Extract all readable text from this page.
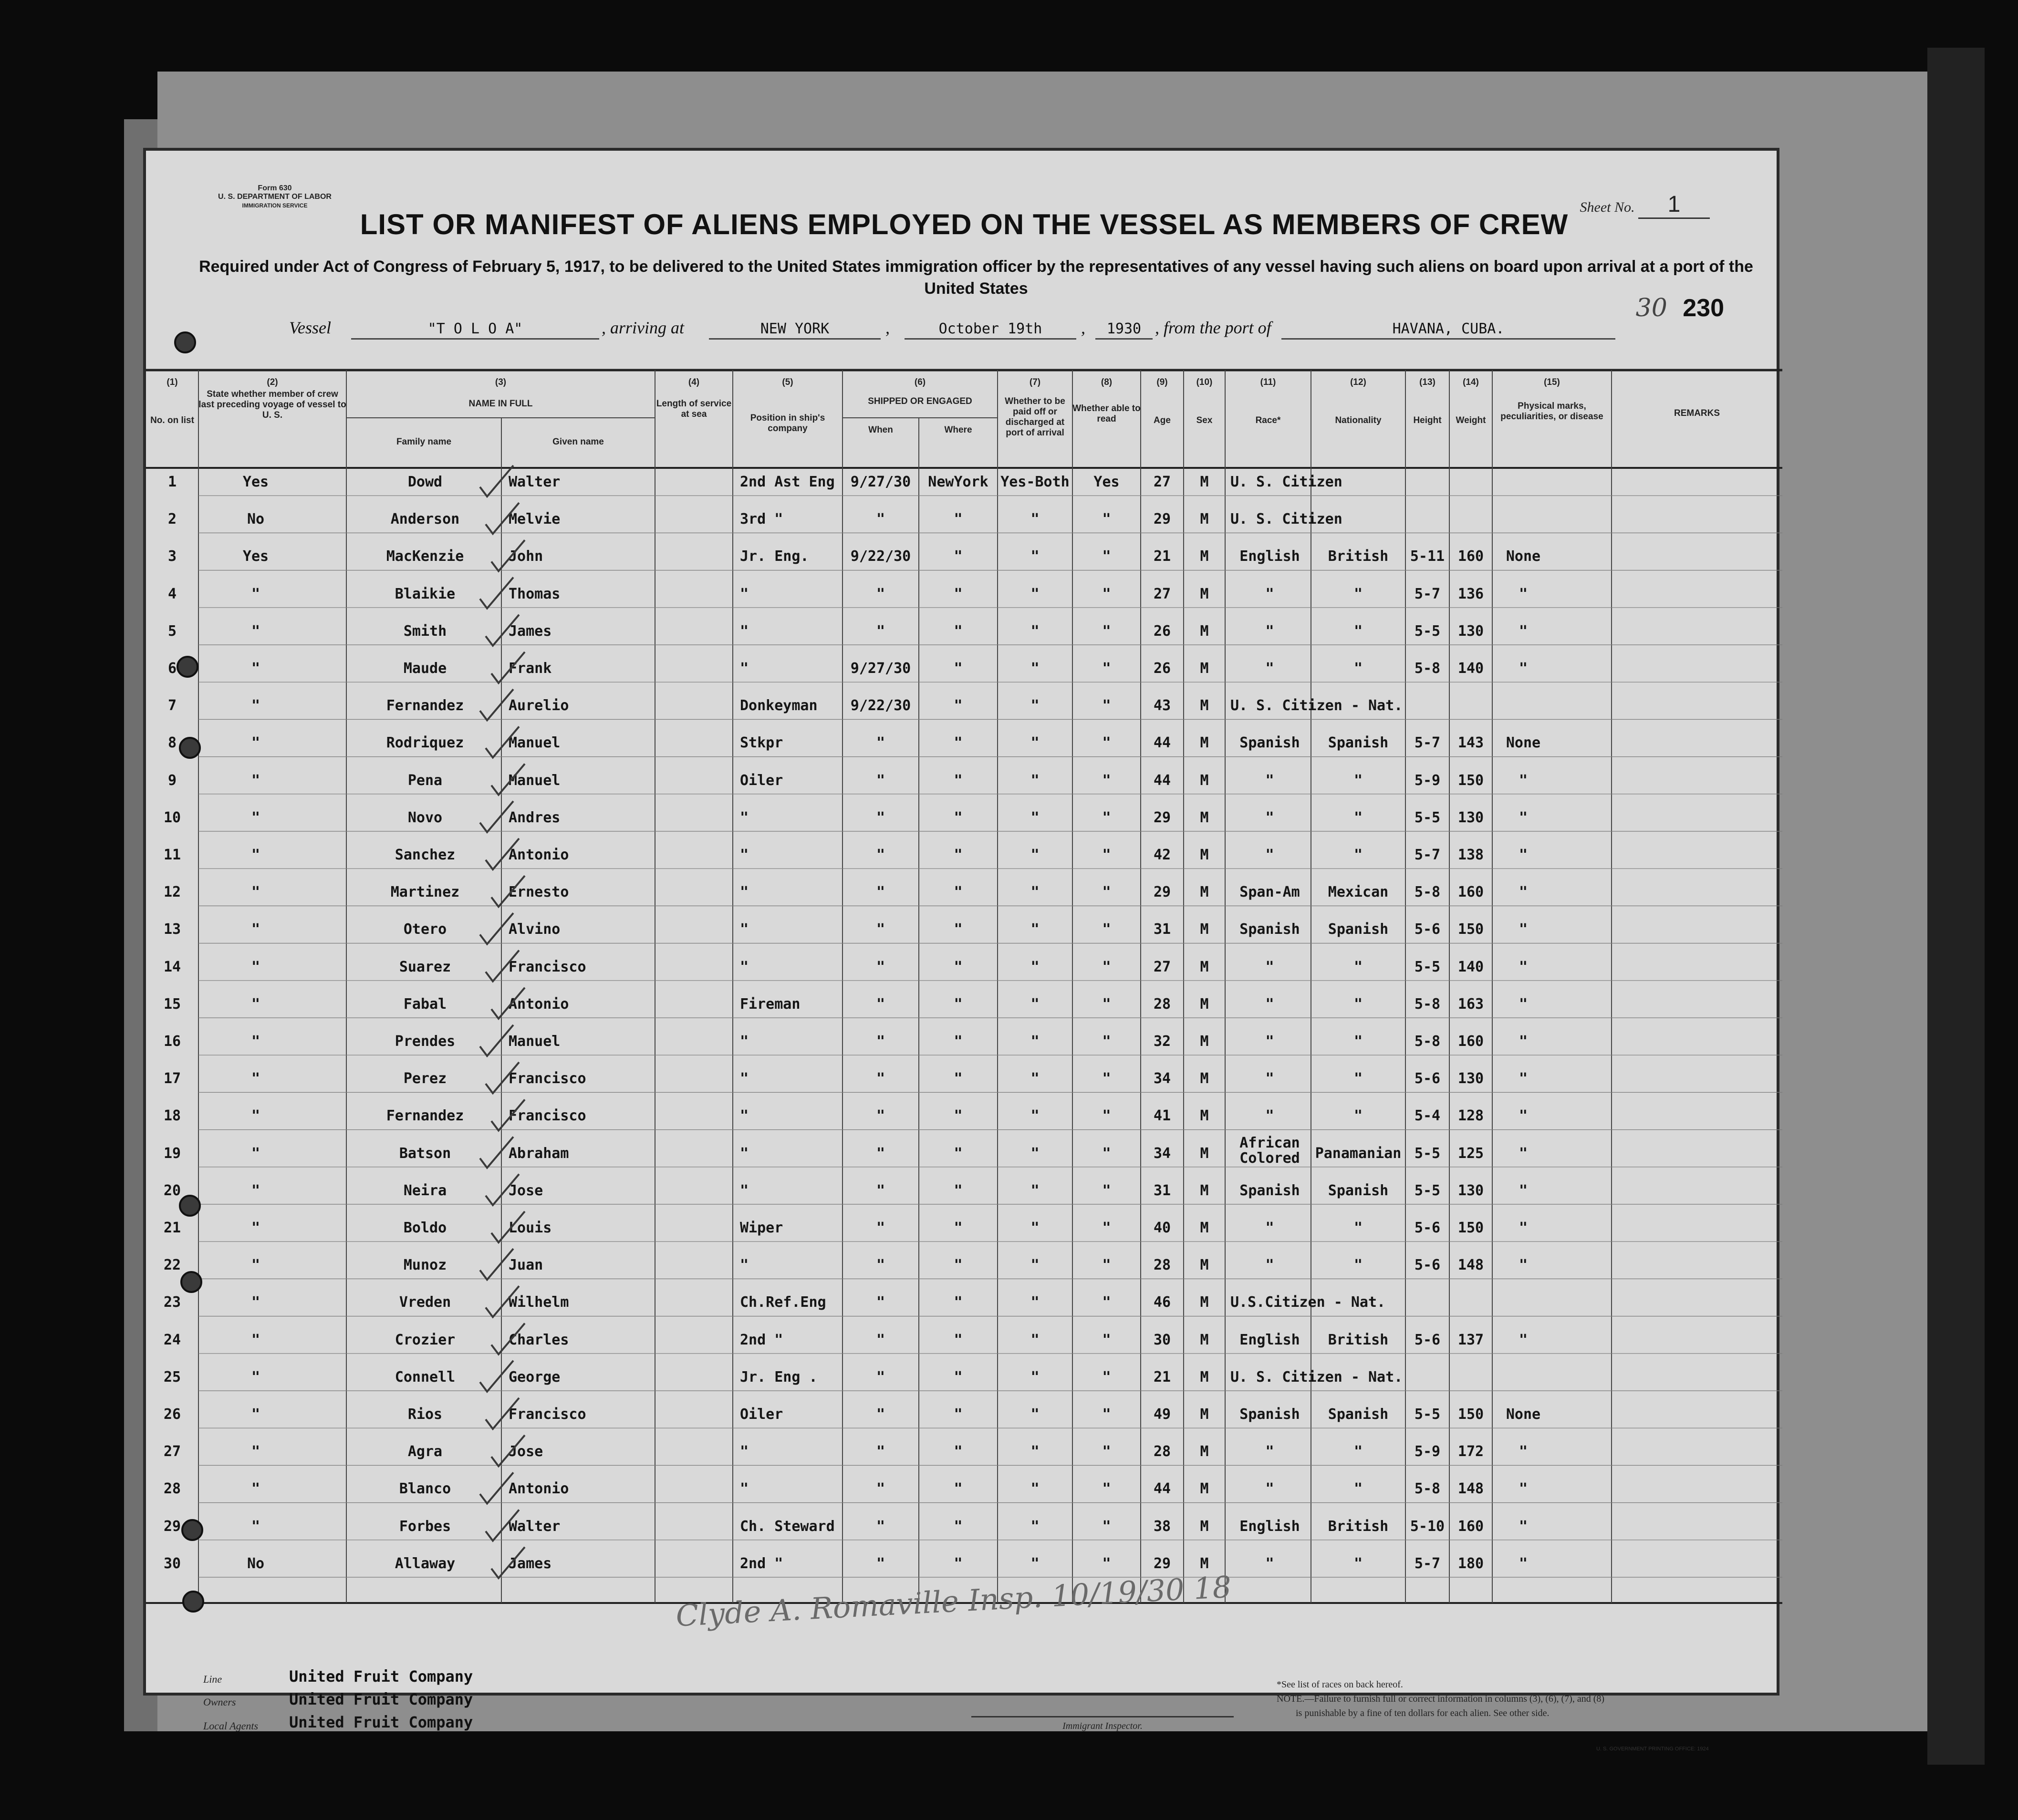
Form 630
U. S. DEPARTMENT OF LABOR
IMMIGRATION SERVICE	Sheet No. 1
LIST OR MANIFEST OF ALIENS EMPLOYED ON THE VESSEL AS MEMBERS OF CREW
Required under Act of Congress of February 5, 1917, to be delivered to the United States immigration officer by the representatives of any vessel having such aliens on board upon arrival at a port of the United States
30 230
Vessel	"T O L O A"	, arriving at	NEW YORK	,	October 19th	,	1930 , from the port of	HAVANA, CUBA.
(2)
State whether member of crew last preceding voyage of vessel to U. S.
(1)
No. on list
(3)
NAME IN FULL
Family name	Given name
(4)
Length of service at sea
(5)
Position in ship's company
(6)
SHIPPED OR ENGAGED
When	Where
(7)
Whether to be paid off or discharged at port of arrival
(8)
Whether able to read
(9)
Age
(10)
Sex
(11)
Race*
(12)
Nationality
(13)
Height
(14)
Weight
(15)
Physical marks, peculiarities, or disease	REMARKS
1	Yes	Dowd	Walter	2nd Ast Eng	9/27/30	NewYork Yes-Both	Yes	27	M	U. S. Citizen
2	No	Anderson	Melvie	3rd "	"	"	"	"	29	M	U. S. Citizen
3	Yes	MacKenzie	John	Jr. Eng.	9/22/30	"	"	"	21	M	English	British	5-11 160	None
4	"	Blaikie	Thomas	"	"	"	"	"	27	M	"	"	5-7	136	"
5	"	Smith	James	"	"	"	"	"	26	M	"	"	5-5	130	"
6	"	Maude	Frank	"	9/27/30	"	"	"	26	M	"	"	5-8	140	"
7	"	Fernandez	Aurelio	Donkeyman	9/22/30	"	"	"	43	M	U. S. Citizen - Nat.
8	"	Rodriquez	Manuel	Stkpr	"	"	"	"	44	M	Spanish	Spanish	5-7	143	None
9	"	Pena	Manuel	Oiler	"	"	"	"	44	M	"	"	5-9	150	"
10	"	Novo	Andres	"	"	"	"	"	29	M	"	"	5-5	130	"
11	"	Sanchez	Antonio	"	"	"	"	"	42	M	"	"	5-7	138	"
12	"	Martinez	Ernesto	"	"	"	"	"	29	M	Span-Am	Mexican	5-8	160	"
13	"	Otero	Alvino	"	"	"	"	"	31	M	Spanish	Spanish	5-6	150	"
14	"	Suarez	Francisco	"	"	"	"	"	27	M	"	"	5-5	140	"
15	"	Fabal	Antonio	Fireman	"	"	"	"	28	M	"	"	5-8	163	"
16	"	Prendes	Manuel	"	"	"	"	"	32	M	"	"	5-8	160	"
17	"	Perez	Francisco	"	"	"	"	"	34	M	"	"	5-6	130	"
18	"	Fernandez	Francisco	"	"	"	"	"	41	M	"	"	5-4	128	"
19	"	Batson	Abraham	"	"	"	"	"	34	M
African Colored	Panamanian 5-5	125	"
20	"	Neira	Jose	"	"	"	"	"	31	M	Spanish	Spanish	5-5	130	"
21	"	Boldo	Louis	Wiper	"	"	"	"	40	M	"	"	5-6	150	"
22	"	Munoz	Juan	"	"	"	"	"	28	M	"	"	5-6	148	"
23	"	Vreden	Wilhelm	Ch.Ref.Eng	"	"	"	"	46	M	U.S.Citizen - Nat.
24	"	Crozier	Charles	2nd "	"	"	"	"	30	M	English	British	5-6	137	"
25	"	Connell	George	Jr. Eng .	"	"	"	"	21	M	U. S. Citizen - Nat.
26	"	Rios	Francisco	Oiler	"	"	"	"	49	M	Spanish	Spanish	5-5	150	None
27	"	Agra	Jose	"	"	"	"	"	28	M	"	"	5-9	172	"
28	"	Blanco	Antonio	"	"	"	"	"	44	M	"	"	5-8	148	"
29	"	Forbes	Walter	Ch. Steward	"	"	"	"	38	M	English	British	5-10 160	"
30	No	Allaway	James	2nd "	"	"	"	"	29	M	"	"	5-7	180	"
Clyde A. Romaville Insp. 10/19/30 18
Line	United Fruit Company
Owners	United Fruit Company
Local Agents United Fruit Company	Immigrant Inspector.
*See list of races on back hereof.
NOTE.—Failure to furnish full or correct information in columns (3), (6), (7), and (8)
is punishable by a fine of ten dollars for each alien. See other side.
U. S. GOVERNMENT PRINTING OFFICE: 1924
